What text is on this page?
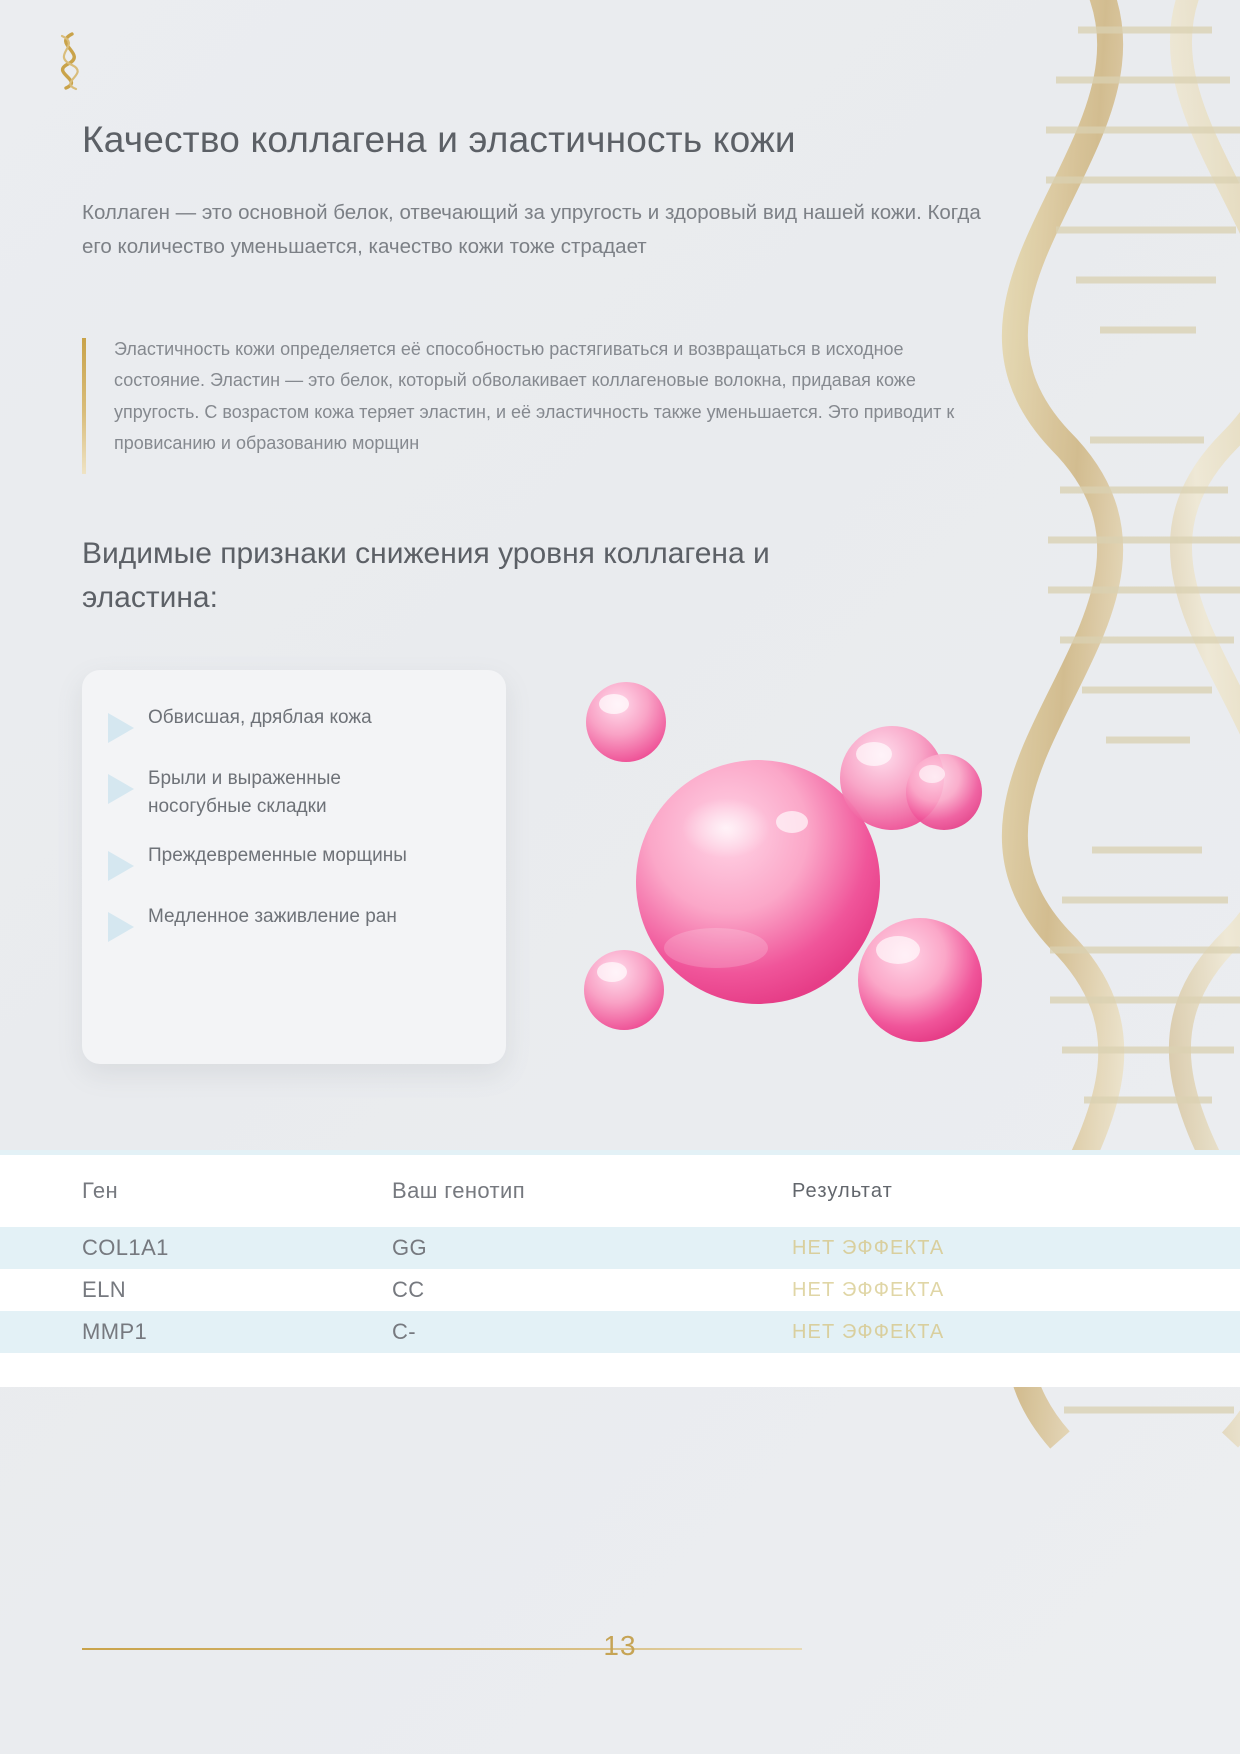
Качество коллагена и эластичность кожи

Коллаген — это основной белок, отвечающий за упругость и здоровый вид нашей кожи. Когда его количество уменьшается, качество кожи тоже страдает

Эластичность кожи определяется её способностью растягиваться и возвращаться в исходное состояние. Эластин — это белок, который обволакивает коллагеновые волокна, придавая коже упругость. С возрастом кожа теряет эластин, и её эластичность также уменьшается. Это приводит к провисанию и образованию морщин

Видимые признаки снижения уровня коллагена и эластина:
Обвисшая, дряблая кожа
Брыли и выраженные носогубные складки
Преждевременные морщины
Медленное заживление ран
Ген	Ваш генотип	Результат
COL1A1	GG	НЕТ ЭФФЕКТА
ELN	CC	НЕТ ЭФФЕКТА
MMP1	C-	НЕТ ЭФФЕКТА
13
